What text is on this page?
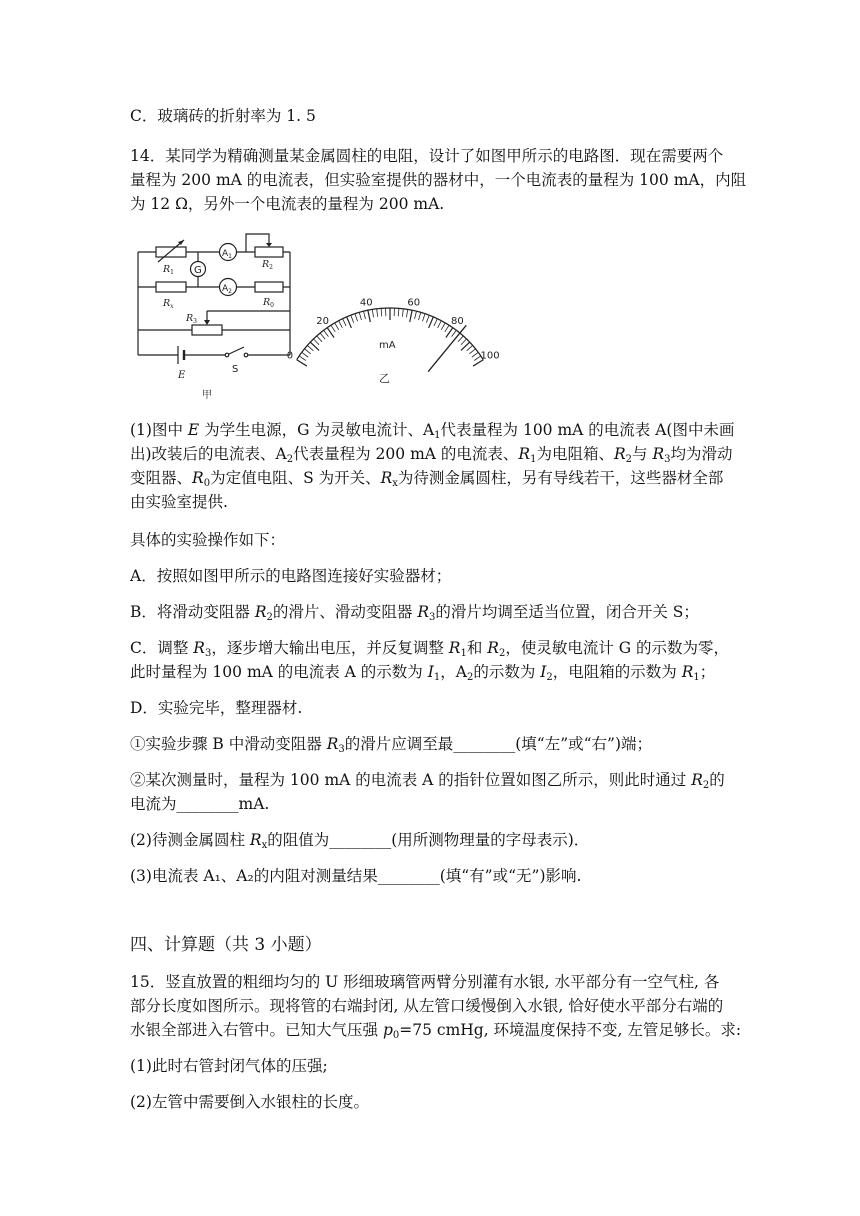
C．玻璃砖的折射率为 1. 5
14．某同学为精确测量某金属圆柱的电阻，设计了如图甲所示的电路图．现在需要两个
量程为 200 mA 的电流表，但实验室提供的器材中，一个电流表的量程为 100 mA，内阻
为 12 Ω，另外一个电流表的量程为 200 mA.
G
$A_1$
$A_2$
$R_1$
$R_2$
$R_x$	$R_0$
$R_3$
E
S
甲
0
20
40	60
80
100
mA
乙
(1)图中 E 为学生电源，G 为灵敏电流计、$A_1$代表量程为 100 mA 的电流表 A(图中未画
出)改装后的电流表、$A_2$代表量程为 200 mA 的电流表、$R_1$为电阻箱、$R_2$与 $R_3$均为滑动
变阻器、$R_0$为定值电阻、S 为开关、$R_x$为待测金属圆柱，另有导线若干，这些器材全部
由实验室提供.
具体的实验操作如下：
A．按照如图甲所示的电路图连接好实验器材；
B．将滑动变阻器 $R_2$的滑片、滑动变阻器 $R_3$的滑片均调至适当位置，闭合开关 S；
C．调整 $R_3$，逐步增大输出电压，并反复调整 $R_1$和 $R_2$，使灵敏电流计 G 的示数为零，
此时量程为 100 mA 的电流表 A 的示数为 $I_1$，$A_2$的示数为 $I_2$，电阻箱的示数为 $R_1$；
D．实验完毕，整理器材.
①实验步骤 B 中滑动变阻器 $R_3$的滑片应调至最________(填“左”或“右”)端；
②某次测量时，量程为 100 mA 的电流表 A 的指针位置如图乙所示，则此时通过 $R_2$的
电流为________mA.
(2)待测金属圆柱 $R_x$的阻值为________(用所测物理量的字母表示)．
(3)电流表 A₁、A₂的内阻对测量结果________(填“有”或“无”)影响.
四、计算题（共 3 小题）
15．竖直放置的粗细均匀的 U 形细玻璃管两臂分别灌有水银, 水平部分有一空气柱, 各
部分长度如图所示。现将管的右端封闭, 从左管口缓慢倒入水银, 恰好使水平部分右端的
水银全部进入右管中。已知大气压强 $p_0=75$ cmHg, 环境温度保持不变, 左管足够长。求:
(1)此时右管封闭气体的压强;
(2)左管中需要倒入水银柱的长度。
